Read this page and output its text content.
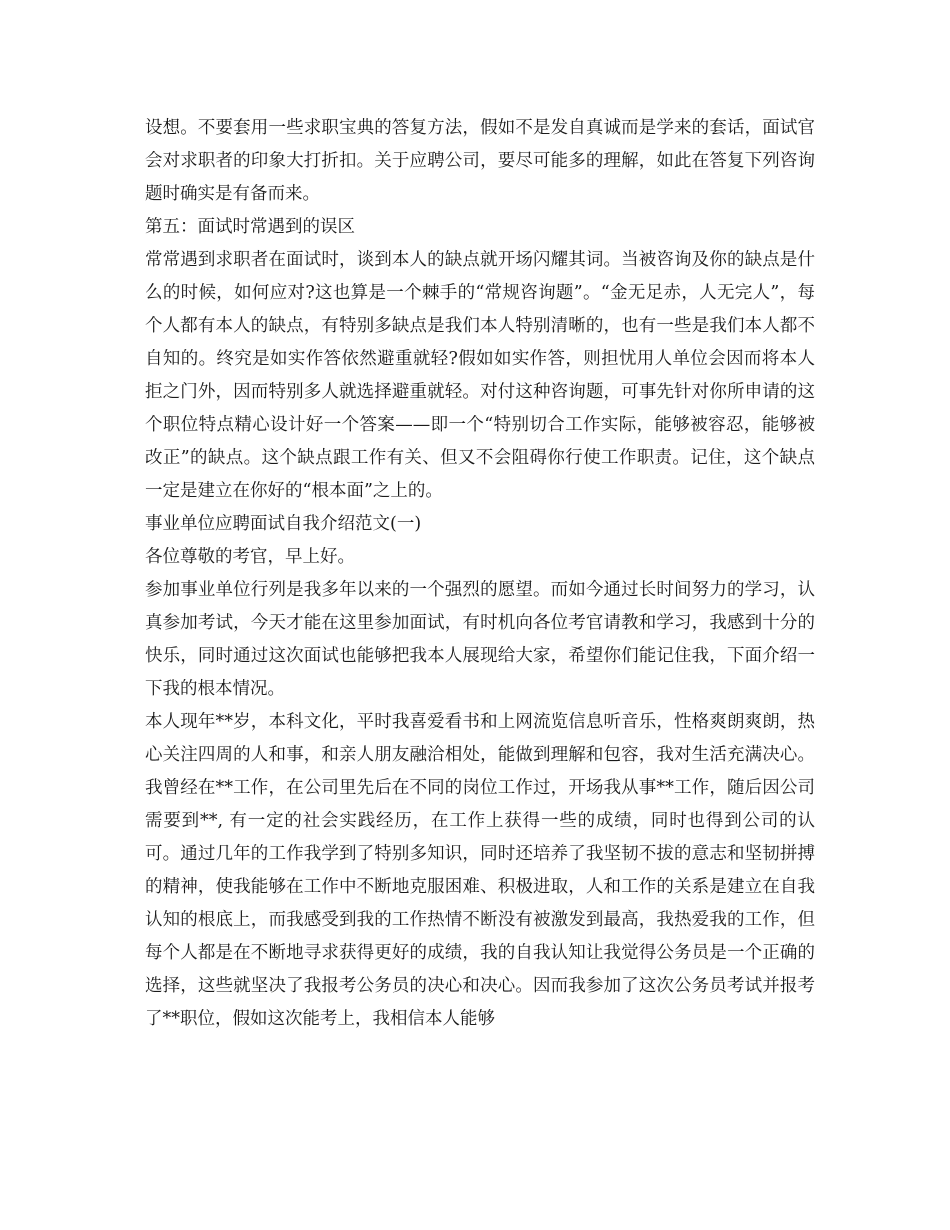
设想。不要套用一些求职宝典的答复方法，假如不是发自真诚而是学来的套话，面试官会对求职者的印象大打折扣。关于应聘公司，要尽可能多的理解，如此在答复下列咨询题时确实是有备而来。

第五：面试时常遇到的误区

常常遇到求职者在面试时，谈到本人的缺点就开场闪耀其词。当被咨询及你的缺点是什么的时候，如何应对?这也算是一个棘手的“常规咨询题”。“金无足赤，人无完人”，每个人都有本人的缺点，有特别多缺点是我们本人特别清晰的，也有一些是我们本人都不自知的。终究是如实作答依然避重就轻?假如如实作答，则担忧用人单位会因而将本人拒之门外，因而特别多人就选择避重就轻。对付这种咨询题，可事先针对你所申请的这个职位特点精心设计好一个答案——即一个“特别切合工作实际，能够被容忍，能够被改正”的缺点。这个缺点跟工作有关、但又不会阻碍你行使工作职责。记住，这个缺点一定是建立在你好的“根本面”之上的。

事业单位应聘面试自我介绍范文(一)

各位尊敬的考官，早上好。

参加事业单位行列是我多年以来的一个强烈的愿望。而如今通过长时间努力的学习，认真参加考试，今天才能在这里参加面试，有时机向各位考官请教和学习，我感到十分的快乐，同时通过这次面试也能够把我本人展现给大家，希望你们能记住我，下面介绍一下我的根本情况。

本人现年**岁，本科文化，平时我喜爱看书和上网流览信息听音乐，性格爽朗爽朗，热心关注四周的人和事，和亲人朋友融洽相处，能做到理解和包容，我对生活充满决心。我曾经在**工作，在公司里先后在不同的岗位工作过，开场我从事**工作，随后因公司需要到**, 有一定的社会实践经历，在工作上获得一些的成绩，同时也得到公司的认可。通过几年的工作我学到了特别多知识，同时还培养了我坚韧不拔的意志和坚韧拼搏的精神，使我能够在工作中不断地克服困难、积极进取，人和工作的关系是建立在自我认知的根底上，而我感受到我的工作热情不断没有被激发到最高，我热爱我的工作，但每个人都是在不断地寻求获得更好的成绩，我的自我认知让我觉得公务员是一个正确的选择，这些就坚决了我报考公务员的决心和决心。因而我参加了这次公务员考试并报考了**职位，假如这次能考上，我相信本人能够
